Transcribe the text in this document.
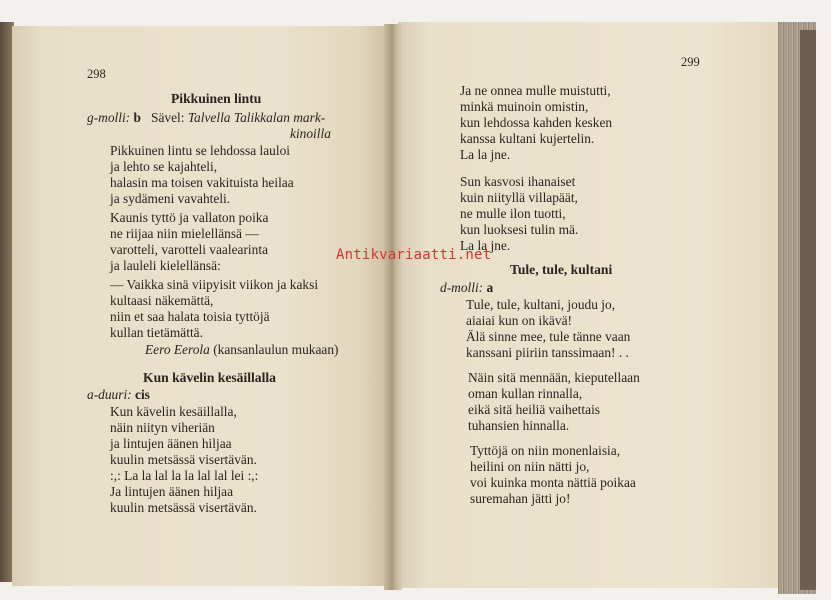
298
Pikkuinen lintu
g-molli: b Sävel: Talvella Talikkalan mark-
kinoilla
Pikkuinen lintu se lehdossa lauloi
ja lehto se kajahteli,
halasin ma toisen vakituista heilaa
ja sydämeni vavahteli.
Kaunis tyttö ja vallaton poika
ne riijaa niin mielellänsä —
varotteli, varotteli vaalearinta
ja lauleli kielellänsä:
— Vaikka sinä viipyisit viikon ja kaksi
kultaasi näkemättä,
niin et saa halata toisia tyttöjä
kullan tietämättä.
Eero Eerola (kansanlaulun mukaan)
Kun kävelin kesäillalla
a-duuri: cis
Kun kävelin kesäillalla,
näin niityn viheriän
ja lintujen äänen hiljaa
kuulin metsässä visertävän.
:,: La la lal la la lal lal lei :,:
Ja lintujen äänen hiljaa
kuulin metsässä visertävän.
299
Ja ne onnea mulle muistutti,
minkä muinoin omistin,
kun lehdossa kahden kesken
kanssa kultani kujertelin.
La la jne.
Sun kasvosi ihanaiset
kuin niityllä villapäät,
ne mulle ilon tuotti,
kun luoksesi tulin mä.
La la jne.
Tule, tule, kultani
d-molli: a
Tule, tule, kultani, joudu jo,
aiaiai kun on ikävä!
Älä sinne mee, tule tänne vaan
kanssani piiriin tanssimaan! . .
Näin sitä mennään, kieputellaan
oman kullan rinnalla,
eikä sitä heiliä vaihettais
tuhansien hinnalla.
Tyttöjä on niin monenlaisia,
heilini on niin nätti jo,
voi kuinka monta nättiä poikaa
suremahan jätti jo!
Antikvariaatti.net
